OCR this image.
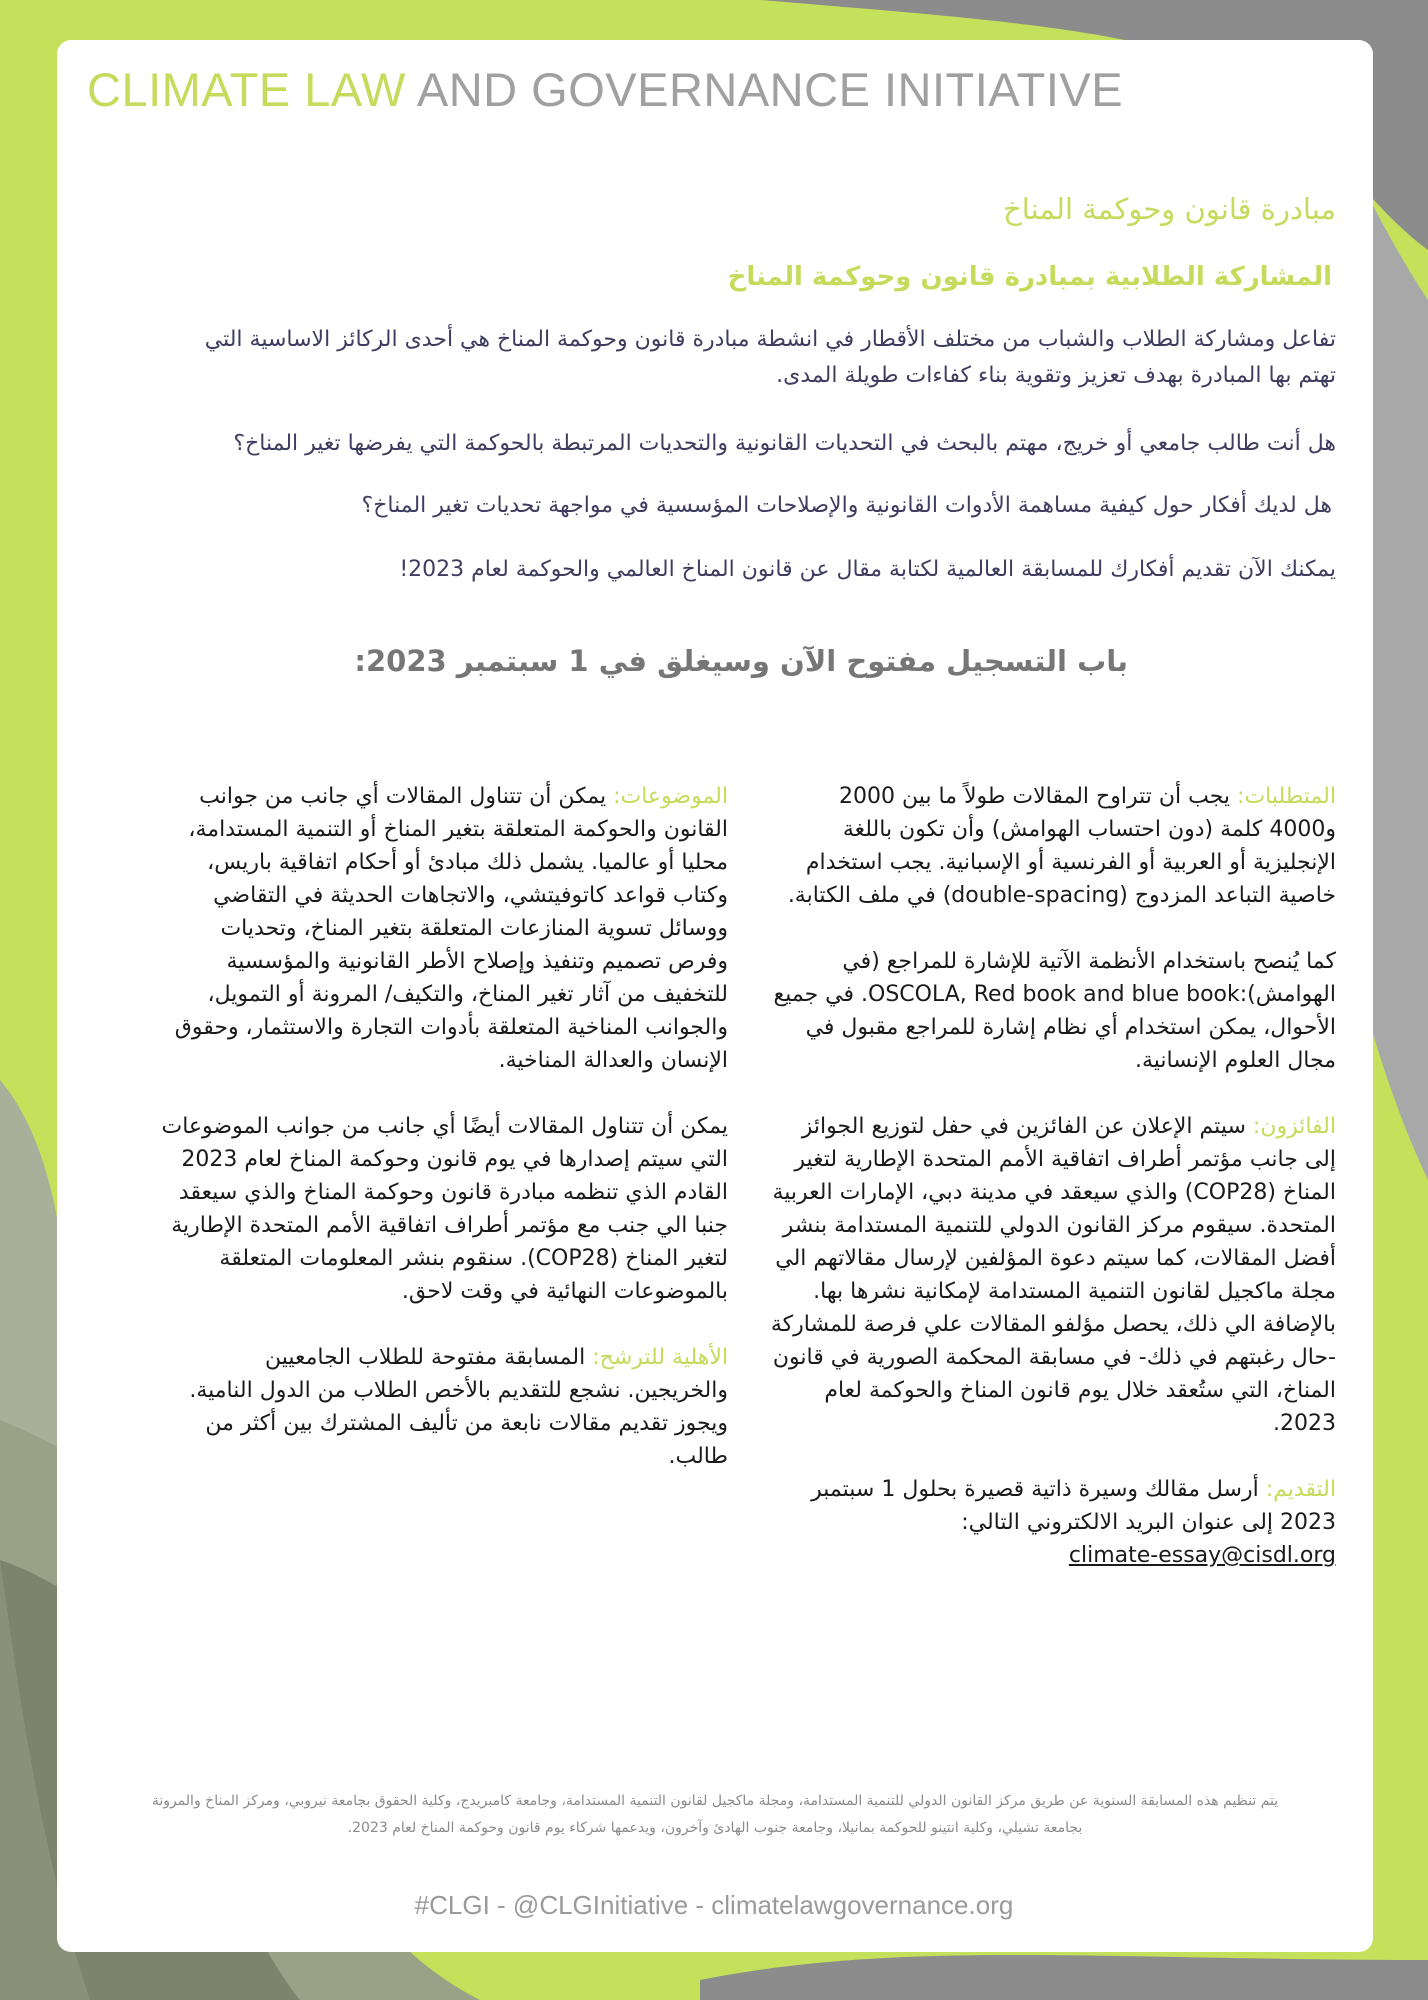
CLIMATE LAW AND GOVERNANCE INITIATIVE
مبادرة قانون وحوكمة المناخ
المشاركة الطلابية بمبادرة قانون وحوكمة المناخ
تفاعل ومشاركة الطلاب والشباب من مختلف الأقطار في انشطة مبادرة قانون وحوكمة المناخ هي أحدى الركائز الاساسية التي تهتم بها المبادرة بهدف تعزيز وتقوية بناء كفاءات طويلة المدى.
هل أنت طالب جامعي أو خريج، مهتم بالبحث في التحديات القانونية والتحديات المرتبطة بالحوكمة التي يفرضها تغير المناخ؟
هل لديك أفكار حول كيفية مساهمة الأدوات القانونية والإصلاحات المؤسسية في مواجهة تحديات تغير المناخ؟
يمكنك الآن تقديم أفكارك للمسابقة العالمية لكتابة مقال عن قانون المناخ العالمي والحوكمة لعام 2023!
باب التسجيل مفتوح الآن وسيغلق في 1 سبتمبر 2023:

المتطلبات: يجب أن تتراوح المقالات طولاً ما بين 2000 و4000 كلمة (دون احتساب الهوامش) وأن تكون باللغة الإنجليزية أو العربية أو الفرنسية أو الإسبانية. يجب استخدام خاصية التباعد المزدوج (double-spacing) في ملف الكتابة.

كما يُنصح باستخدام الأنظمة الآتية للإشارة للمراجع (في الهوامش):OSCOLA, Red book and blue book. في جميع الأحوال، يمكن استخدام أي نظام إشارة للمراجع مقبول في مجال العلوم الإنسانية.

الفائزون: سيتم الإعلان عن الفائزين في حفل لتوزيع الجوائز إلى جانب مؤتمر أطراف اتفاقية الأمم المتحدة الإطارية لتغير المناخ (COP28) والذي سيعقد في مدينة دبي، الإمارات العربية المتحدة. سيقوم مركز القانون الدولي للتنمية المستدامة بنشر أفضل المقالات، كما سيتم دعوة المؤلفين لإرسال مقالاتهم الي مجلة ماكجيل لقانون التنمية المستدامة لإمكانية نشرها بها. بالإضافة الي ذلك، يحصل مؤلفو المقالات علي فرصة للمشاركة -حال رغبتهم في ذلك- في مسابقة المحكمة الصورية في قانون المناخ، التي ستُعقد خلال يوم قانون المناخ والحوكمة لعام 2023.

التقديم: أرسل مقالك وسيرة ذاتية قصيرة بحلول 1 سبتمبر 2023 إلى عنوان البريد الالكتروني التالي:
climate-essay@cisdl.org

الموضوعات: يمكن أن تتناول المقالات أي جانب من جوانب القانون والحوكمة المتعلقة بتغير المناخ أو التنمية المستدامة، محليا أو عالميا. يشمل ذلك مبادئ أو أحكام اتفاقية باريس، وكتاب قواعد كاتوفيتشي، والاتجاهات الحديثة في التقاضي ووسائل تسوية المنازعات المتعلقة بتغير المناخ، وتحديات وفرص تصميم وتنفيذ وإصلاح الأطر القانونية والمؤسسية للتخفيف من آثار تغير المناخ، والتكيف/ المرونة أو التمويل، والجوانب المناخية المتعلقة بأدوات التجارة والاستثمار، وحقوق الإنسان والعدالة المناخية.

يمكن أن تتناول المقالات أيضًا أي جانب من جوانب الموضوعات التي سيتم إصدارها في يوم قانون وحوكمة المناخ لعام 2023 القادم الذي تنظمه مبادرة قانون وحوكمة المناخ والذي سيعقد جنبا الي جنب مع مؤتمر أطراف اتفاقية الأمم المتحدة الإطارية لتغير المناخ (COP28). سنقوم بنشر المعلومات المتعلقة بالموضوعات النهائية في وقت لاحق.

الأهلية للترشح: المسابقة مفتوحة للطلاب الجامعيين والخريجين. نشجع للتقديم بالأخص الطلاب من الدول النامية. ويجوز تقديم مقالات نابعة من تأليف المشترك بين أكثر من طالب.

يتم تنظيم هذه المسابقة السنوية عن طريق مركز القانون الدولي للتنمية المستدامة، ومجلة ماكجيل لقانون التنمية المستدامة، وجامعة كامبريدج، وكلية الحقوق بجامعة نيروبي، ومركز المناخ والمرونة بجامعة تشيلي، وكلية انتينو للحوكمة بمانيلا، وجامعة جنوب الهادئ وآخرون، ويدعمها شركاء يوم قانون وحوكمة المناخ لعام 2023.
#CLGI - @CLGInitiative - climatelawgovernance.org
